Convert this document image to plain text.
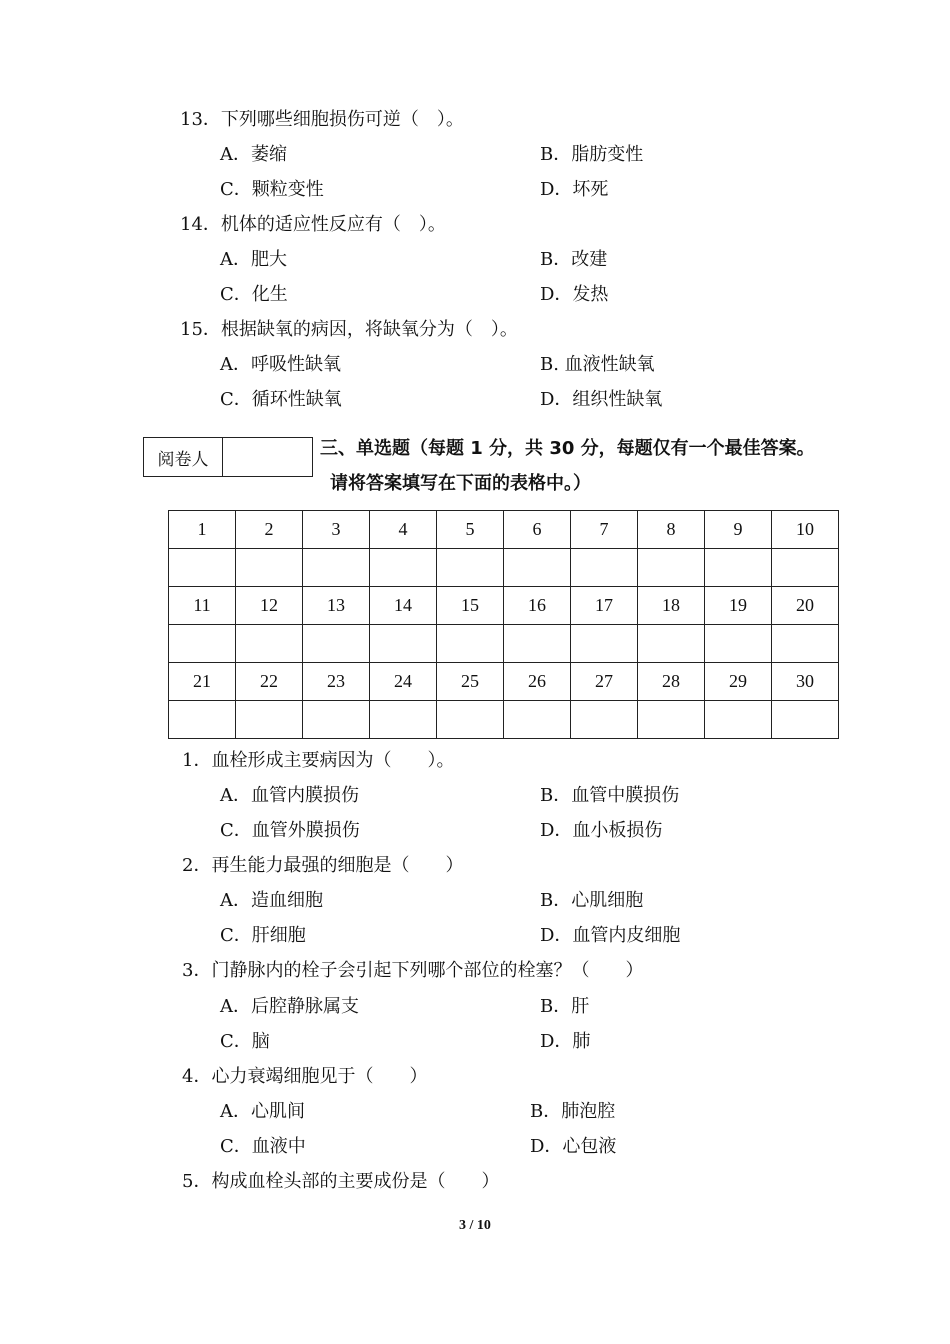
13．下列哪些细胞损伤可逆（　）。
A．萎缩	B．脂肪变性
C．颗粒变性	D．坏死
14．机体的适应性反应有（　）。
A．肥大	B．改建
C．化生	D．发热
15．根据缺氧的病因，将缺氧分为（　）。
A．呼吸性缺氧	B. 血液性缺氧
C．循环性缺氧	D．组织性缺氧
阅卷人
三、单选题（每题 1 分，共 30 分，每题仅有一个最佳答案。
请将答案填写在下面的表格中。）
1	2	3	4	5	6	7	8	9	10

11	12	13	14	15	16	17	18	19	20

21	22	23	24	25	26	27	28	29	30

1．血栓形成主要病因为（　　）。
A．血管内膜损伤	B．血管中膜损伤
C．血管外膜损伤	D．血小板损伤
2．再生能力最强的细胞是（　　）
A．造血细胞	B．心肌细胞
C．肝细胞	D．血管内皮细胞
3．门静脉内的栓子会引起下列哪个部位的栓塞？（　　）
A．后腔静脉属支	B．肝
C．脑	D．肺
4．心力衰竭细胞见于（　　）
A．心肌间	B．肺泡腔
C．血液中	D．心包液
5．构成血栓头部的主要成份是（　　）
3 / 10
